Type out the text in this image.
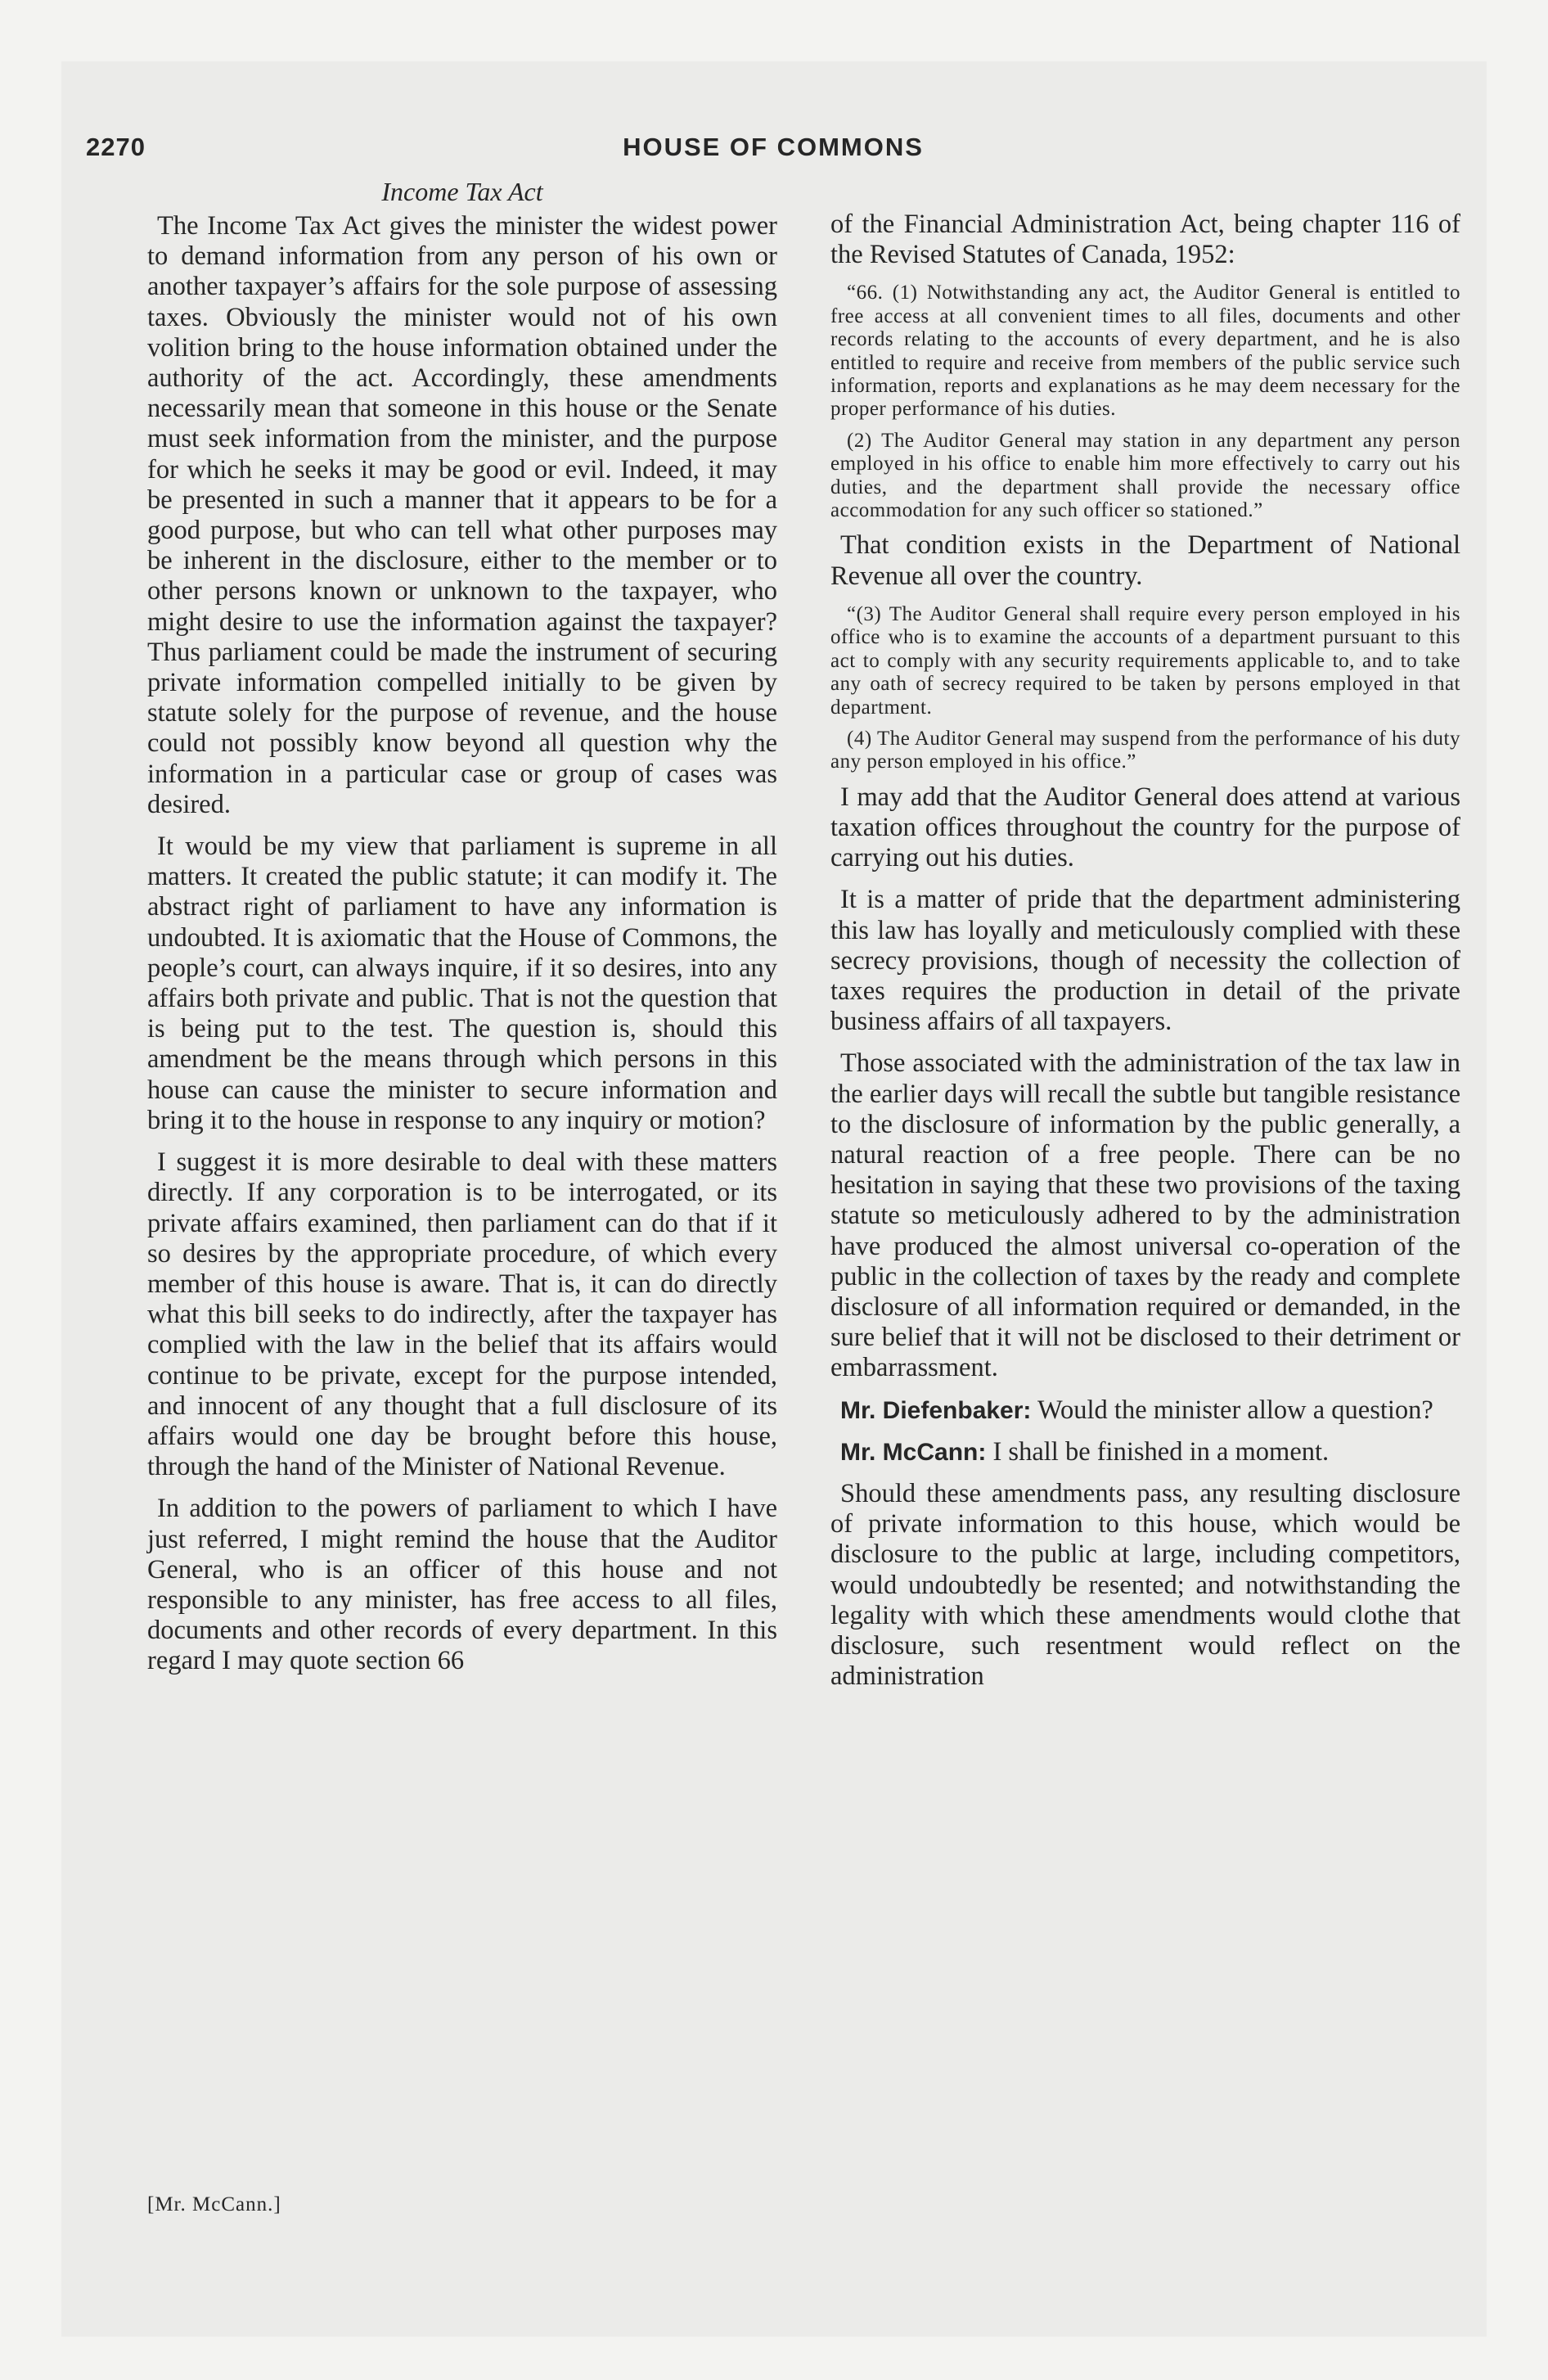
2270	HOUSE OF COMMONS
Income Tax Act

The Income Tax Act gives the minister the widest power to demand information from any person of his own or another taxpayer’s affairs for the sole purpose of assessing taxes. Obviously the minister would not of his own volition bring to the house information obtained under the authority of the act. Accordingly, these amendments necessarily mean that someone in this house or the Senate must seek information from the minister, and the purpose for which he seeks it may be good or evil. Indeed, it may be presented in such a manner that it appears to be for a good purpose, but who can tell what other purposes may be inherent in the disclosure, either to the member or to other persons known or unknown to the taxpayer, who might desire to use the information against the taxpayer? Thus parliament could be made the instrument of securing private information compelled initially to be given by statute solely for the purpose of revenue, and the house could not possibly know beyond all question why the information in a particular case or group of cases was desired.

It would be my view that parliament is supreme in all matters. It created the public statute; it can modify it. The abstract right of parliament to have any information is undoubted. It is axiomatic that the House of Commons, the people’s court, can always inquire, if it so desires, into any affairs both private and public. That is not the question that is being put to the test. The question is, should this amendment be the means through which persons in this house can cause the minister to secure information and bring it to the house in response to any inquiry or motion?

I suggest it is more desirable to deal with these matters directly. If any corporation is to be interrogated, or its private affairs examined, then parliament can do that if it so desires by the appropriate procedure, of which every member of this house is aware. That is, it can do directly what this bill seeks to do indirectly, after the taxpayer has complied with the law in the belief that its affairs would continue to be private, except for the purpose intended, and innocent of any thought that a full disclosure of its affairs would one day be brought before this house, through the hand of the Minister of National Revenue.

In addition to the powers of parliament to which I have just referred, I might remind the house that the Auditor General, who is an officer of this house and not responsible to any minister, has free access to all files, documents and other records of every department. In this regard I may quote section 66

of the Financial Administration Act, being chapter 116 of the Revised Statutes of Canada, 1952:

“66. (1) Notwithstanding any act, the Auditor General is entitled to free access at all convenient times to all files, documents and other records relating to the accounts of every department, and he is also entitled to require and receive from members of the public service such information, reports and explanations as he may deem necessary for the proper performance of his duties.
(2) The Auditor General may station in any department any person employed in his office to enable him more effectively to carry out his duties, and the department shall provide the necessary office accommodation for any such officer so stationed.”

That condition exists in the Department of National Revenue all over the country.

“(3) The Auditor General shall require every person employed in his office who is to examine the accounts of a department pursuant to this act to comply with any security requirements applicable to, and to take any oath of secrecy required to be taken by persons employed in that department.
(4) The Auditor General may suspend from the performance of his duty any person employed in his office.”

I may add that the Auditor General does attend at various taxation offices throughout the country for the purpose of carrying out his duties.

It is a matter of pride that the department administering this law has loyally and meticulously complied with these secrecy provisions, though of necessity the collection of taxes requires the production in detail of the private business affairs of all taxpayers.

Those associated with the administration of the tax law in the earlier days will recall the subtle but tangible resistance to the disclosure of information by the public generally, a natural reaction of a free people. There can be no hesitation in saying that these two provisions of the taxing statute so meticulously adhered to by the administration have produced the almost universal co-operation of the public in the collection of taxes by the ready and complete disclosure of all information required or demanded, in the sure belief that it will not be disclosed to their detriment or embarrassment.

Mr. Diefenbaker: Would the minister allow a question?

Mr. McCann: I shall be finished in a moment.

Should these amendments pass, any resulting disclosure of private information to this house, which would be disclosure to the public at large, including competitors, would undoubtedly be resented; and notwithstanding the legality with which these amendments would clothe that disclosure, such resentment would reflect on the administration

[Mr. McCann.]
